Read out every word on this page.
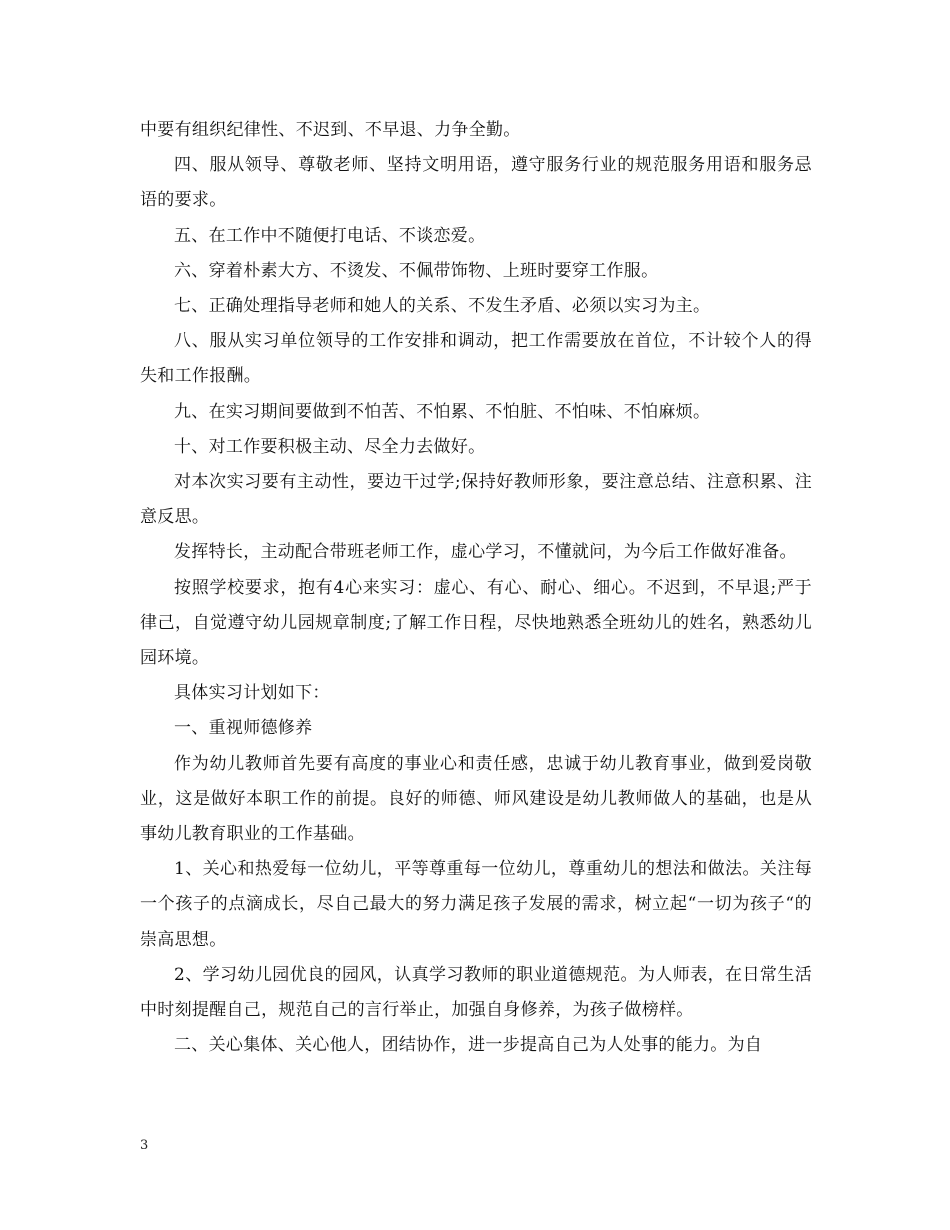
中要有组织纪律性、不迟到、不早退、力争全勤。

四、服从领导、尊敬老师、坚持文明用语，遵守服务行业的规范服务用语和服务忌语的要求。

五、在工作中不随便打电话、不谈恋爱。

六、穿着朴素大方、不烫发、不佩带饰物、上班时要穿工作服。

七、正确处理指导老师和她人的关系、不发生矛盾、必须以实习为主。

八、服从实习单位领导的工作安排和调动，把工作需要放在首位，不计较个人的得失和工作报酬。

九、在实习期间要做到不怕苦、不怕累、不怕脏、不怕味、不怕麻烦。

十、对工作要积极主动、尽全力去做好。

对本次实习要有主动性，要边干过学;保持好教师形象，要注意总结、注意积累、注意反思。

发挥特长，主动配合带班老师工作，虚心学习，不懂就问，为今后工作做好准备。

按照学校要求，抱有4心来实习：虚心、有心、耐心、细心。不迟到，不早退;严于律己，自觉遵守幼儿园规章制度;了解工作日程，尽快地熟悉全班幼儿的姓名，熟悉幼儿园环境。

具体实习计划如下：

一、重视师德修养

作为幼儿教师首先要有高度的事业心和责任感，忠诚于幼儿教育事业，做到爱岗敬业，这是做好本职工作的前提。良好的师德、师风建设是幼儿教师做人的基础，也是从事幼儿教育职业的工作基础。

1、关心和热爱每一位幼儿，平等尊重每一位幼儿，尊重幼儿的想法和做法。关注每一个孩子的点滴成长，尽自己最大的努力满足孩子发展的需求，树立起“一切为孩子“的崇高思想。

2、学习幼儿园优良的园风，认真学习教师的职业道德规范。为人师表，在日常生活中时刻提醒自己，规范自己的言行举止，加强自身修养，为孩子做榜样。

二、关心集体、关心他人，团结协作，进一步提高自己为人处事的能力。为自

3
